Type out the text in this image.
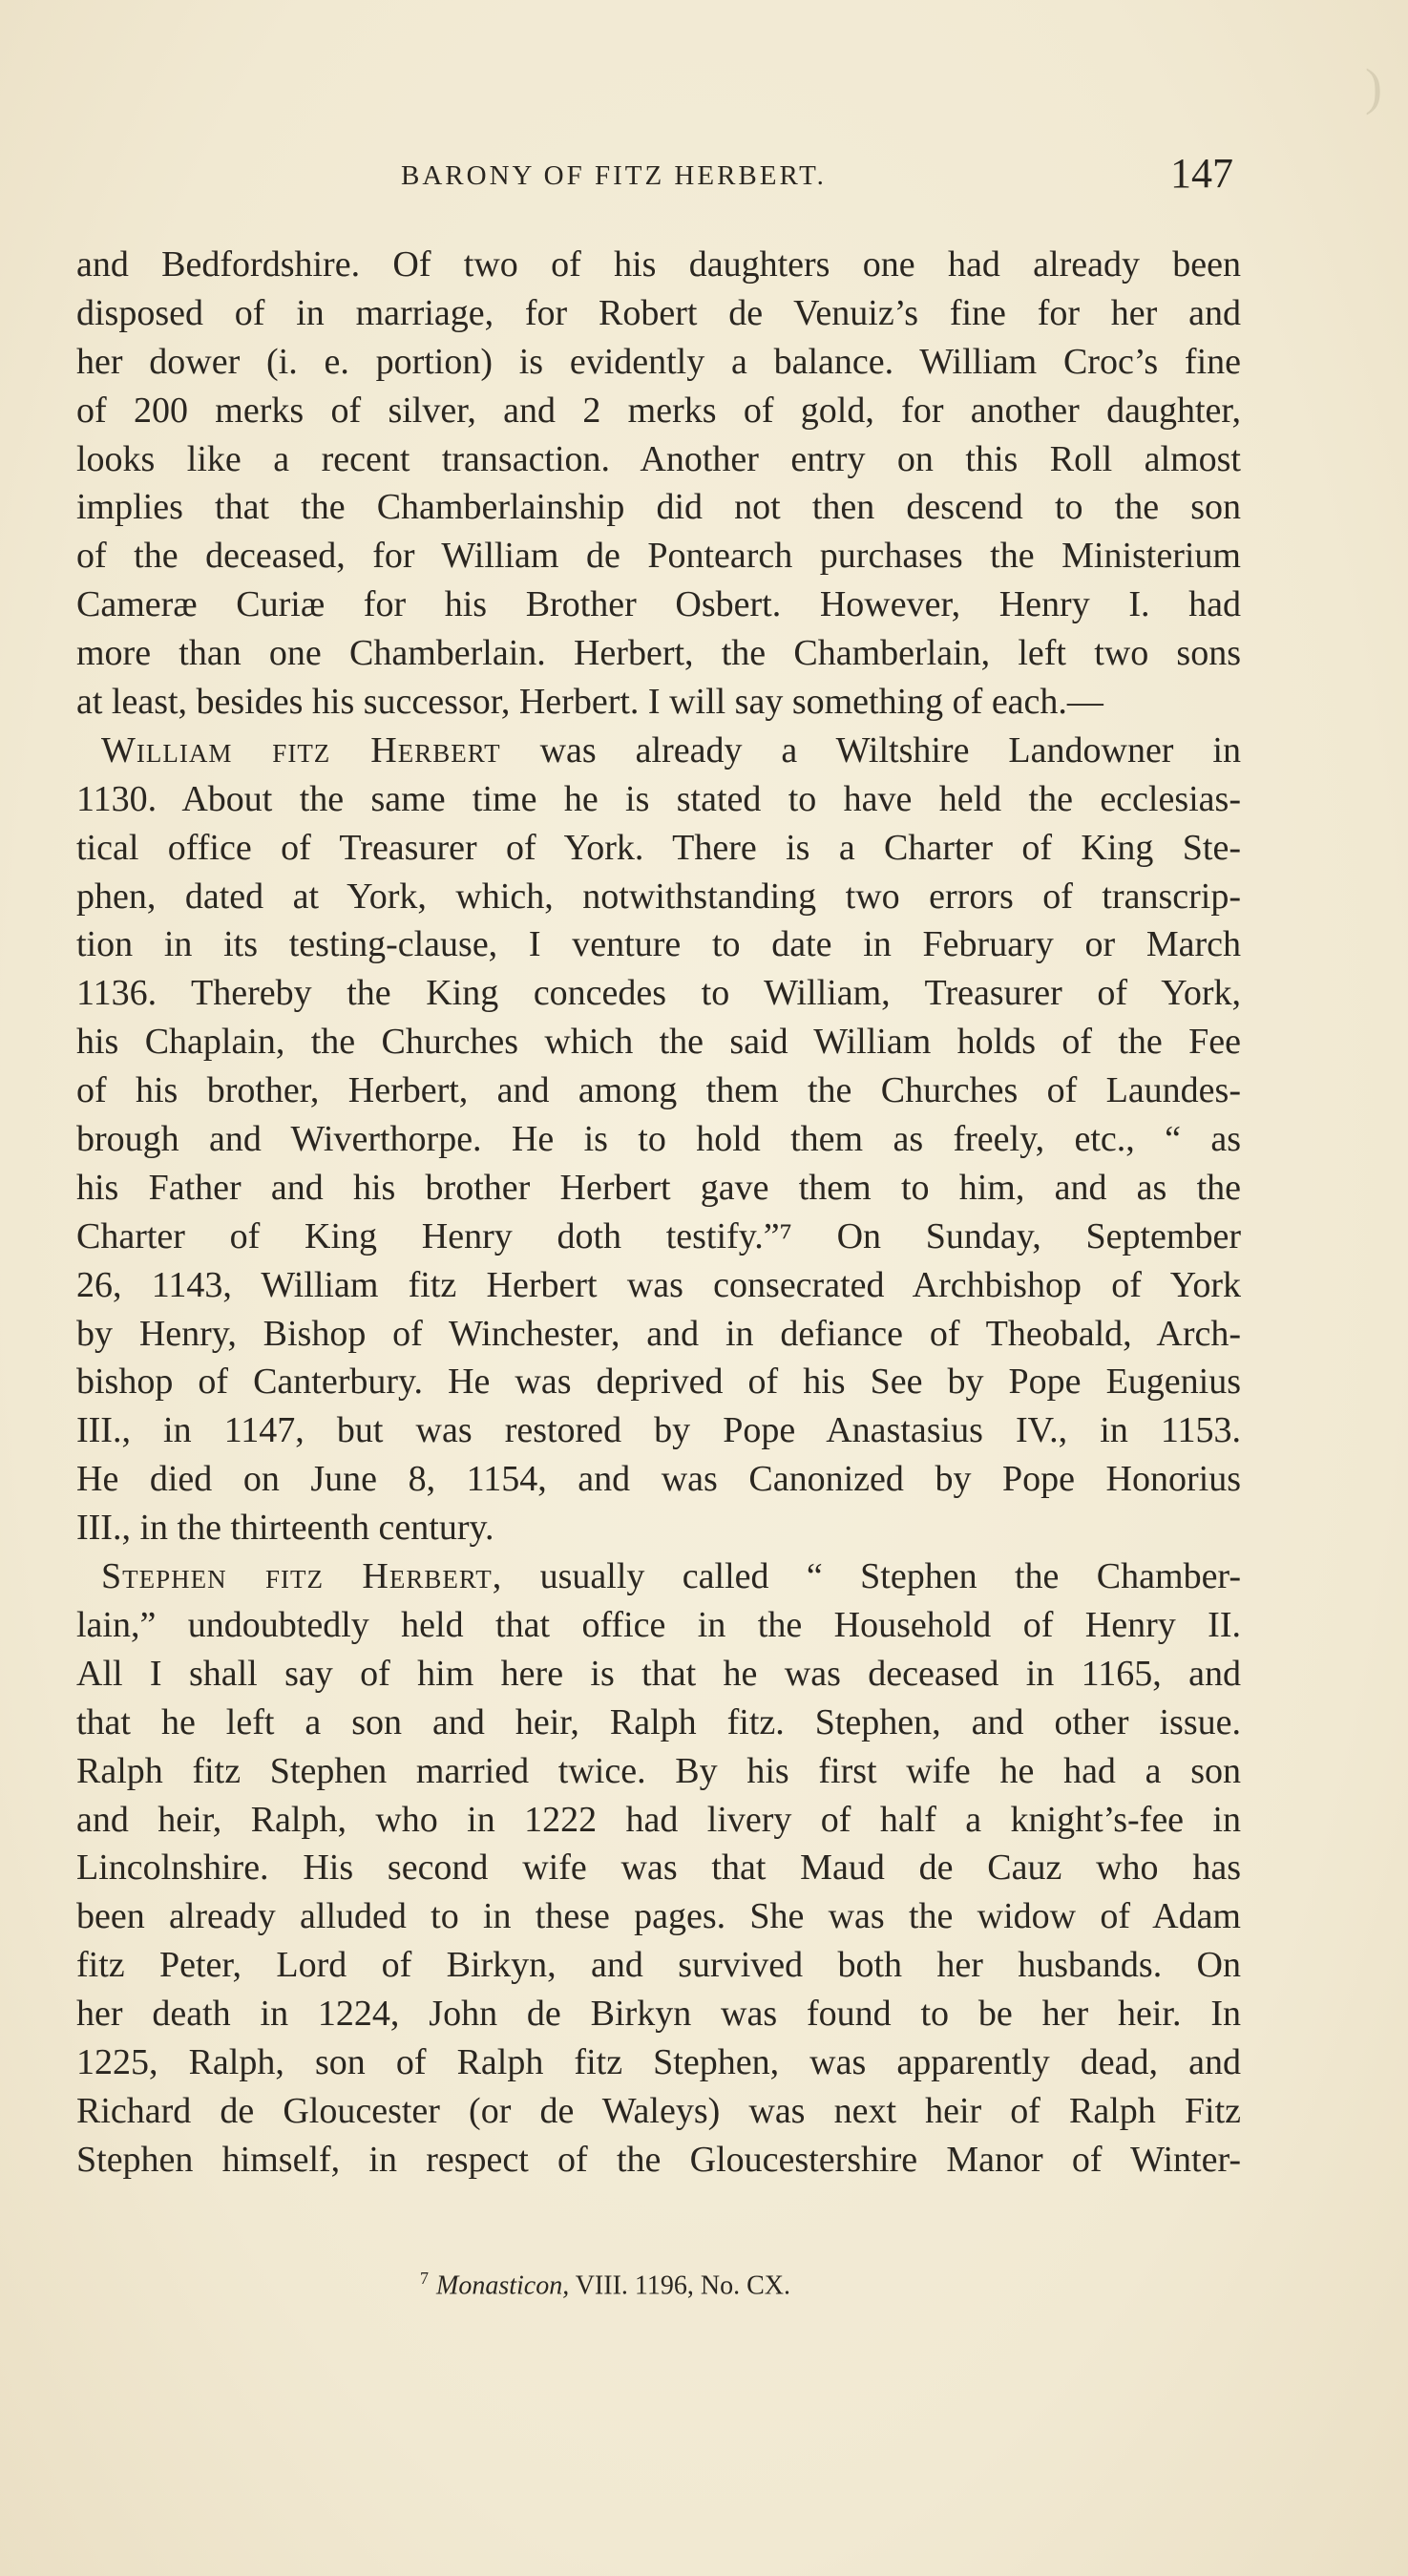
)
BARONY OF FITZ HERBERT.	147
and Bedfordshire. Of two of his daughters one had already been
disposed of in marriage, for Robert de Venuiz’s fine for her and
her dower (i. e. portion) is evidently a balance. William Croc’s fine
of 200 merks of silver, and 2 merks of gold, for another daughter,
looks like a recent transaction. Another entry on this Roll almost
implies that the Chamberlainship did not then descend to the son
of the deceased, for William de Pontearch purchases the Ministerium
Cameræ Curiæ for his Brother Osbert. However, Henry I. had
more than one Chamberlain. Herbert, the Chamberlain, left two sons
at least, besides his successor, Herbert. I will say something of each.—
William fitz Herbert was already a Wiltshire Landowner in
1130. About the same time he is stated to have held the ecclesias-
tical office of Treasurer of York. There is a Charter of King Ste-
phen, dated at York, which, notwithstanding two errors of transcrip-
tion in its testing-clause, I venture to date in February or March
1136. Thereby the King concedes to William, Treasurer of York,
his Chaplain, the Churches which the said William holds of the Fee
of his brother, Herbert, and among them the Churches of Laundes-
brough and Wiverthorpe. He is to hold them as freely, etc., “ as
his Father and his brother Herbert gave them to him, and as the
Charter of King Henry doth testify.”⁷ On Sunday, September
26, 1143, William fitz Herbert was consecrated Archbishop of York
by Henry, Bishop of Winchester, and in defiance of Theobald, Arch-
bishop of Canterbury. He was deprived of his See by Pope Eugenius
III., in 1147, but was restored by Pope Anastasius IV., in 1153.
He died on June 8, 1154, and was Canonized by Pope Honorius
III., in the thirteenth century.
Stephen fitz Herbert, usually called “ Stephen the Chamber-
lain,” undoubtedly held that office in the Household of Henry II.
All I shall say of him here is that he was deceased in 1165, and
that he left a son and heir, Ralph fitz. Stephen, and other issue.
Ralph fitz Stephen married twice. By his first wife he had a son
and heir, Ralph, who in 1222 had livery of half a knight’s-fee in
Lincolnshire. His second wife was that Maud de Cauz who has
been already alluded to in these pages. She was the widow of Adam
fitz Peter, Lord of Birkyn, and survived both her husbands. On
her death in 1224, John de Birkyn was found to be her heir. In
1225, Ralph, son of Ralph fitz Stephen, was apparently dead, and
Richard de Gloucester (or de Waleys) was next heir of Ralph Fitz
Stephen himself, in respect of the Gloucestershire Manor of Winter-
$^7$ Monasticon, VIII. 1196, No. CX.
